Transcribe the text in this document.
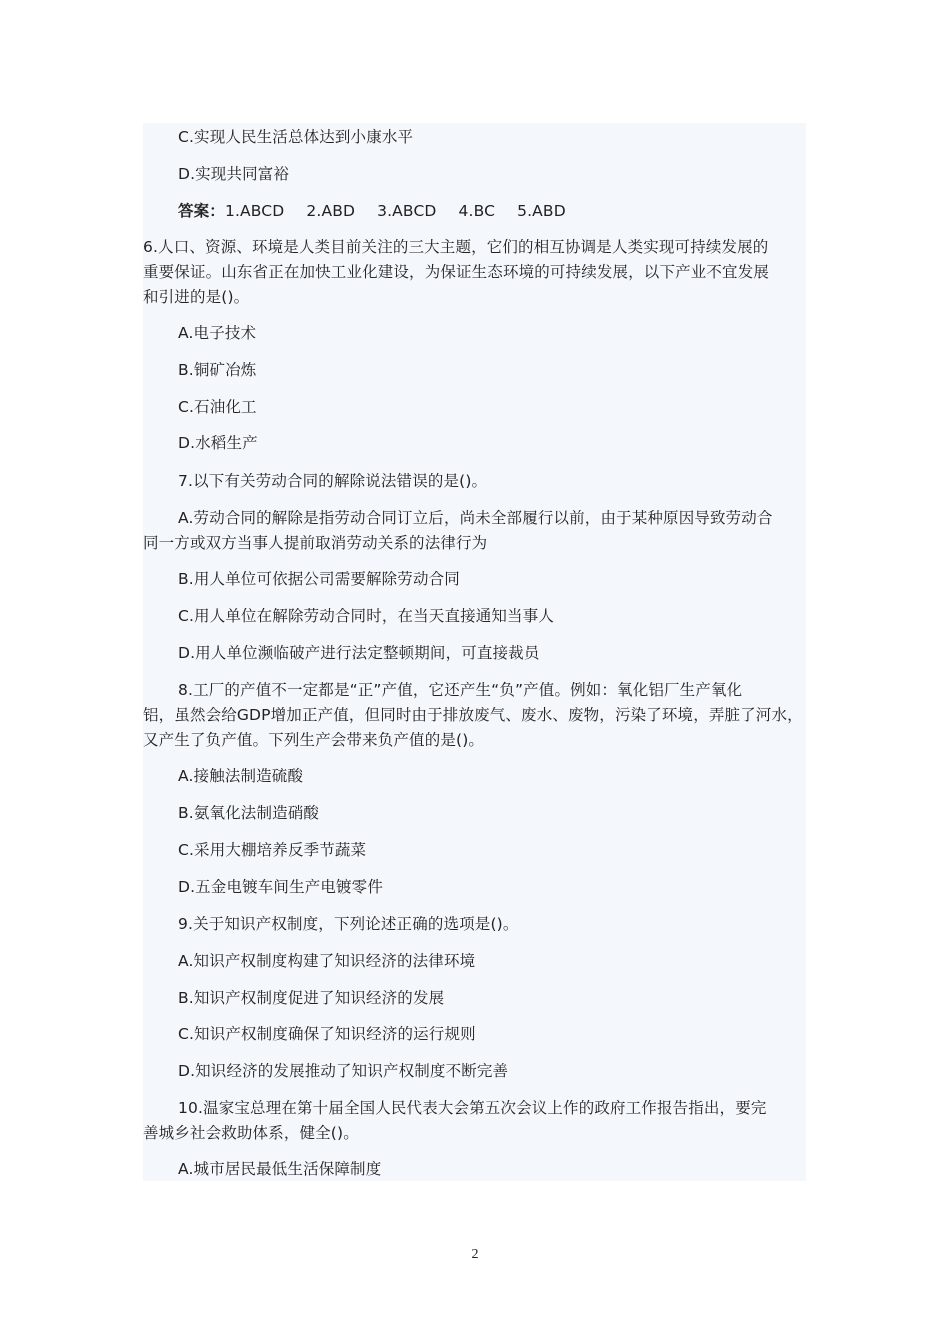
C.实现人民生活总体达到小康水平
D.实现共同富裕
答案：1.ABCD 2.ABD 3.ABCD 4.BC 5.ABD
6.人口、资源、环境是人类目前关注的三大主题，它们的相互协调是人类实现可持续发展的
重要保证。山东省正在加快工业化建设，为保证生态环境的可持续发展，以下产业不宜发展
和引进的是()。
A.电子技术
B.铜矿冶炼
C.石油化工
D.水稻生产
7.以下有关劳动合同的解除说法错误的是()。
A.劳动合同的解除是指劳动合同订立后，尚未全部履行以前，由于某种原因导致劳动合
同一方或双方当事人提前取消劳动关系的法律行为
B.用人单位可依据公司需要解除劳动合同
C.用人单位在解除劳动合同时，在当天直接通知当事人
D.用人单位濒临破产进行法定整顿期间，可直接裁员
8.工厂的产值不一定都是“正”产值，它还产生“负”产值。例如：氧化铝厂生产氧化
铝，虽然会给GDP增加正产值，但同时由于排放废气、废水、废物，污染了环境，弄脏了河水，
又产生了负产值。下列生产会带来负产值的是()。
A.接触法制造硫酸
B.氨氧化法制造硝酸
C.采用大棚培养反季节蔬菜
D.五金电镀车间生产电镀零件
9.关于知识产权制度，下列论述正确的选项是()。
A.知识产权制度构建了知识经济的法律环境
B.知识产权制度促进了知识经济的发展
C.知识产权制度确保了知识经济的运行规则
D.知识经济的发展推动了知识产权制度不断完善
10.温家宝总理在第十届全国人民代表大会第五次会议上作的政府工作报告指出，要完
善城乡社会救助体系，健全()。
A.城市居民最低生活保障制度
2
